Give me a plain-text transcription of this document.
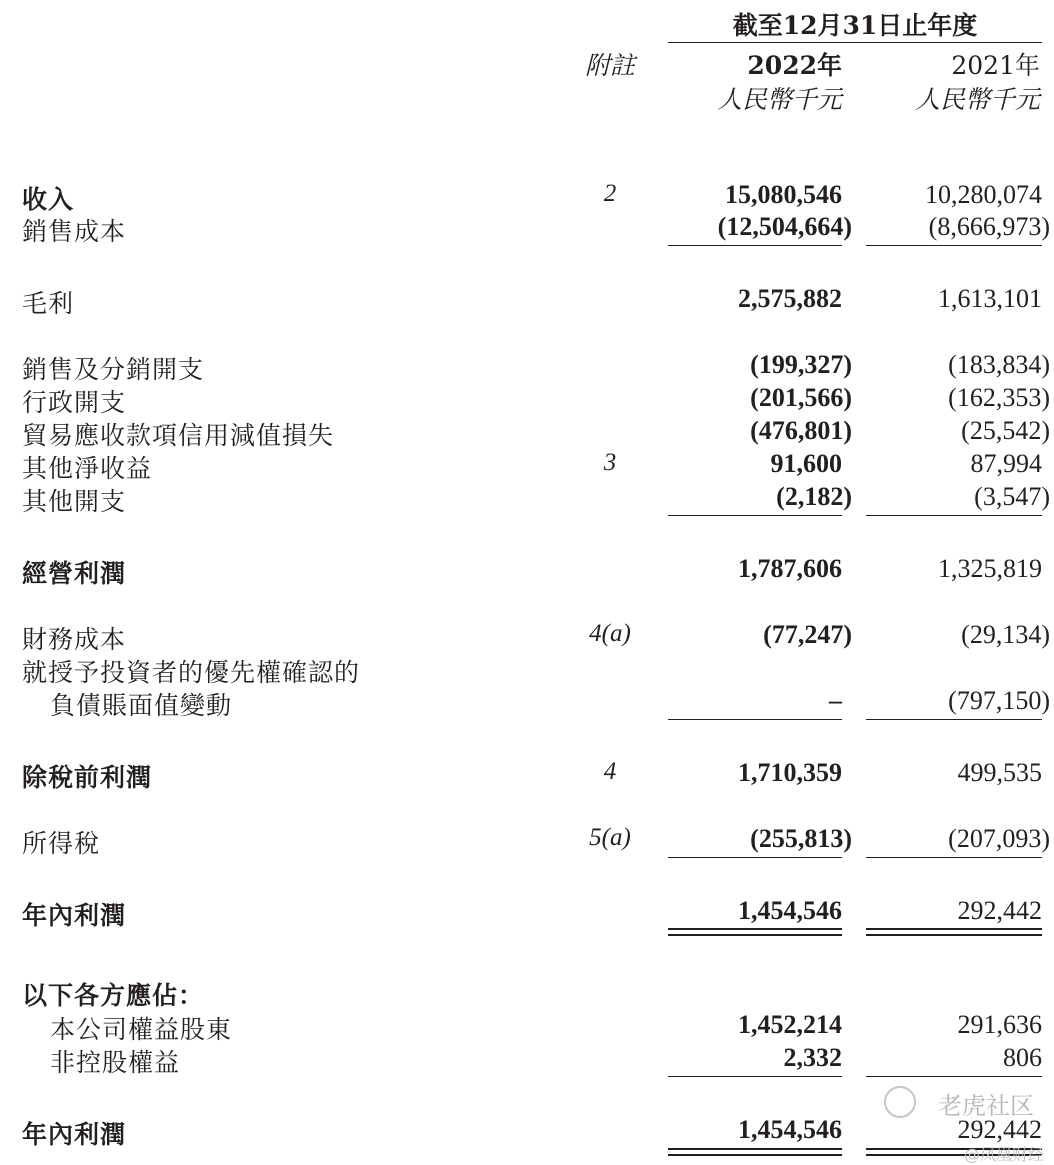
截至12月31日止年度
附註	2022年	2021年
人民幣千元	人民幣千元
收入	2	15,080,546	10,280,074
銷售成本	(12,504,664)	(8,666,973)
毛利	2,575,882	1,613,101
銷售及分銷開支	(199,327)	(183,834)
行政開支	(201,566)	(162,353)
貿易應收款項信用減值損失	(476,801)	(25,542)
其他淨收益	3	91,600	87,994
其他開支	(2,182)	(3,547)
經營利潤	1,787,606	1,325,819
財務成本	4(a)	(77,247)	(29,134)
就授予投資者的優先權確認的
負債賬面值變動	–	(797,150)
除稅前利潤	4	1,710,359	499,535
所得稅	5(a)	(255,813)	(207,093)
年內利潤	1,454,546	292,442
以下各方應佔：
本公司權益股東	1,452,214	291,636
非控股權益	2,332	806
年內利潤	1,454,546	292,442
老虎社区
@凤凰财经
